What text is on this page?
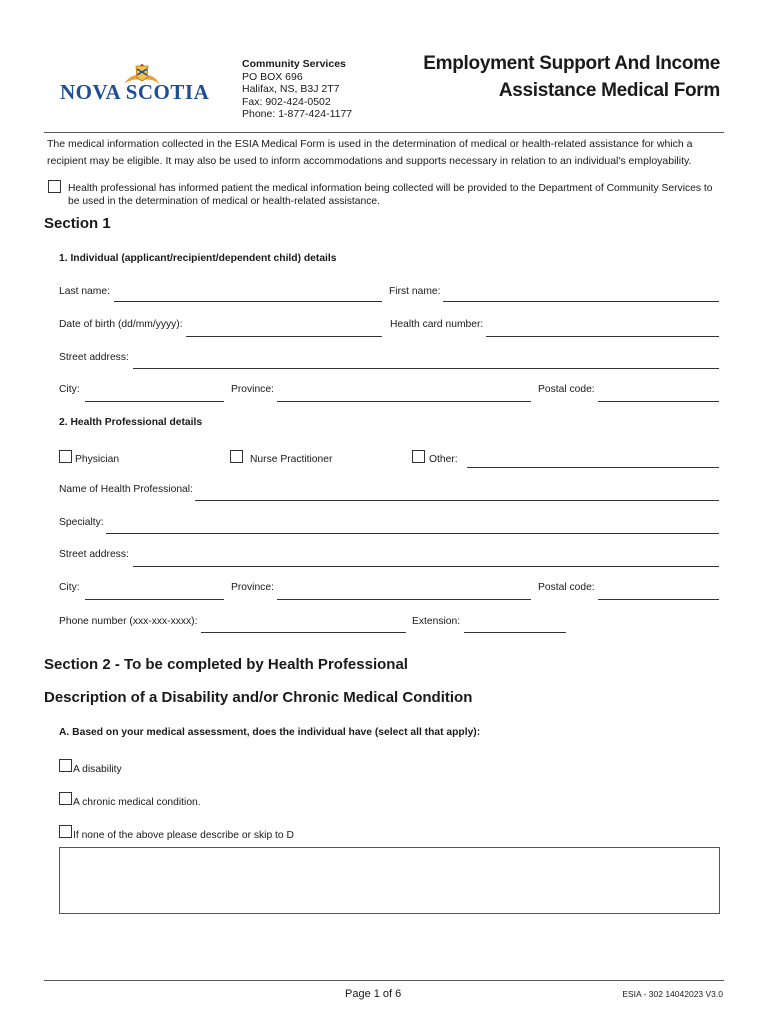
NOVA SCOTIA
Community Services
PO BOX 696
Halifax, NS, B3J 2T7
Fax: 902-424-0502
Phone: 1-877-424-1177
Employment Support And Income
Assistance Medical Form
The medical information collected in the ESIA Medical Form is used in the determination of medical or health-related assistance for which a
recipient may be eligible. It may also be used to inform accommodations and supports necessary in relation to an individual's employability.
Health professional has informed patient the medical information being collected will be provided to the Department of Community Services to
be used in the determination of medical or health-related assistance.
Section 1
1. Individual (applicant/recipient/dependent child) details
Last name:	First name:
Date of birth (dd/mm/yyyy):	Health card number:
Street address:
City:	Province:	Postal code:
2. Health Professional details
Physician	Nurse Practitioner	Other:
Name of Health Professional:
Specialty:
Street address:
City:	Province:	Postal code:
Phone number (xxx-xxx-xxxx):	Extension:
Section 2 - To be completed by Health Professional
Description of a Disability and/or Chronic Medical Condition
A. Based on your medical assessment, does the individual have (select all that apply):
A disability
A chronic medical condition.
If none of the above please describe or skip to D
Page 1 of 6	ESIA - 302 14042023 V3.0
